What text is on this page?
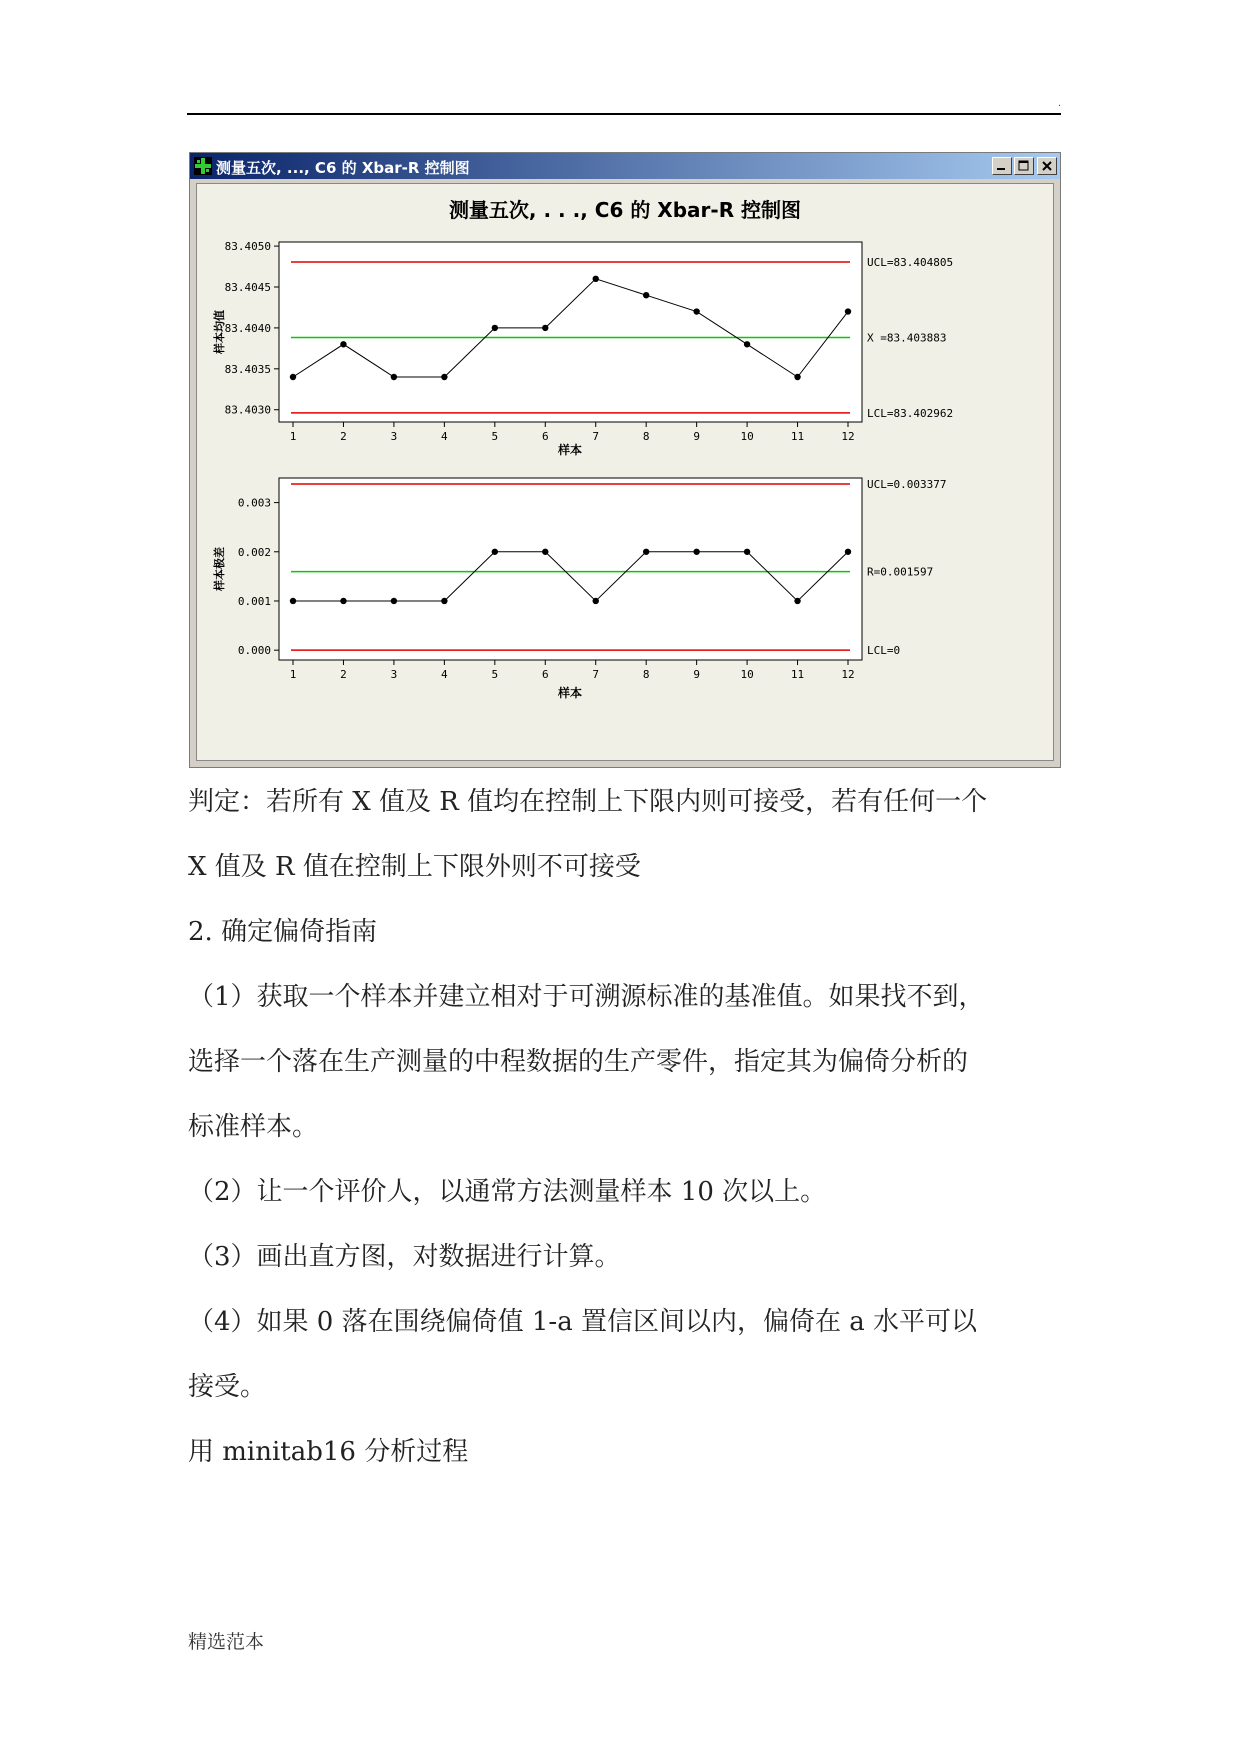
.
测量五次, ..., C6 的 Xbar-R 控制图
测量五次, . . ., C6 的 Xbar-R 控制图
UCL=83.404805
X =83.403883
LCL=83.402962
样本
样本均值
83.4030
83.4035
83.4040
83.4045
83.4050
1	2	3	4	5	6	7	8	9	10	11	12
UCL=0.003377
R=0.001597
LCL=0
样本
样本极差
0.000
0.001
0.002
0.003
1	2	3	4	5	6	7	8	9	10	11	12
判定：若所有 X 值及 R 值均在控制上下限内则可接受，若有任何一个
X 值及 R 值在控制上下限外则不可接受
2. 确定偏倚指南
（1）获取一个样本并建立相对于可溯源标准的基准值。如果找不到，
选择一个落在生产测量的中程数据的生产零件，指定其为偏倚分析的
标准样本。
（2）让一个评价人，以通常方法测量样本 10 次以上。
（3）画出直方图，对数据进行计算。
（4）如果 0 落在围绕偏倚值 1-a 置信区间以内，偏倚在 a 水平可以
接受。
用 minitab16 分析过程
精选范本
